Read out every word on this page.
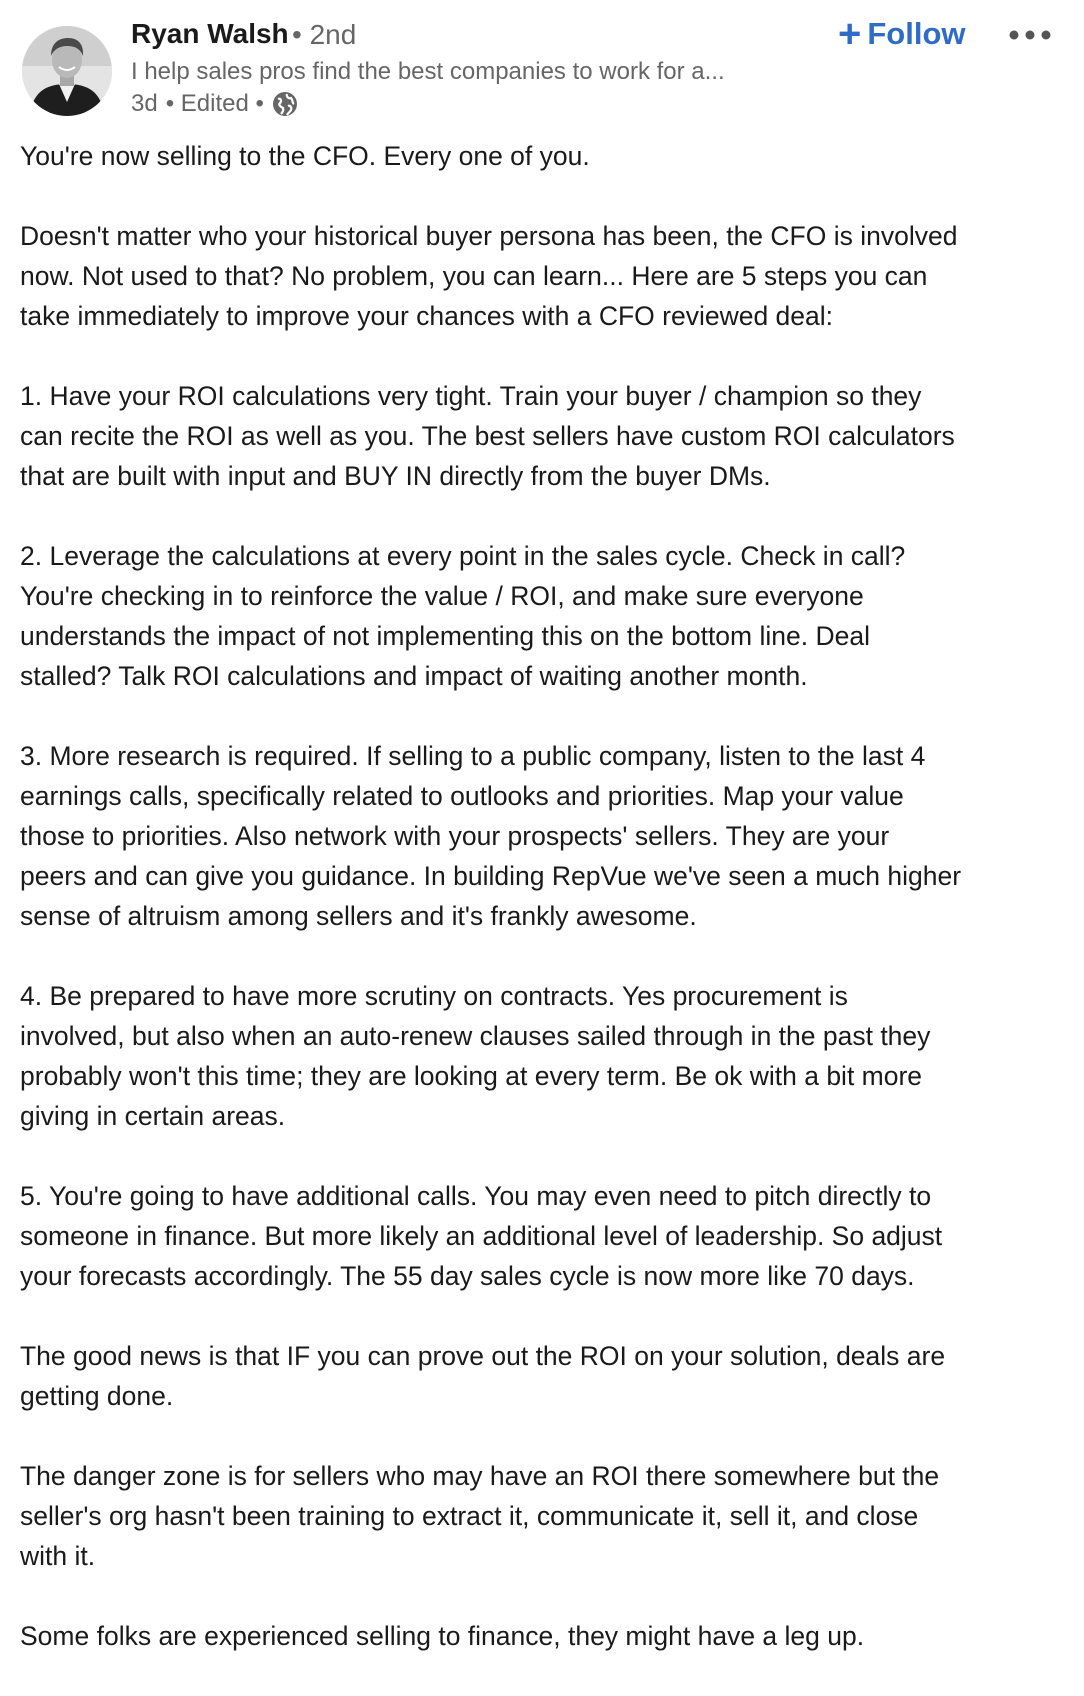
Ryan Walsh • 2nd
I help sales pros find the best companies to work for a...
3d • Edited •
+ Follow

You're now selling to the CFO. Every one of you.

Doesn't matter who your historical buyer persona has been, the CFO is involved
now. Not used to that? No problem, you can learn... Here are 5 steps you can
take immediately to improve your chances with a CFO reviewed deal:

1. Have your ROI calculations very tight. Train your buyer / champion so they
can recite the ROI as well as you. The best sellers have custom ROI calculators
that are built with input and BUY IN directly from the buyer DMs.

2. Leverage the calculations at every point in the sales cycle. Check in call?
You're checking in to reinforce the value / ROI, and make sure everyone
understands the impact of not implementing this on the bottom line. Deal
stalled? Talk ROI calculations and impact of waiting another month.

3. More research is required. If selling to a public company, listen to the last 4
earnings calls, specifically related to outlooks and priorities. Map your value
those to priorities. Also network with your prospects' sellers. They are your
peers and can give you guidance. In building RepVue we've seen a much higher
sense of altruism among sellers and it's frankly awesome.

4. Be prepared to have more scrutiny on contracts. Yes procurement is
involved, but also when an auto-renew clauses sailed through in the past they
probably won't this time; they are looking at every term. Be ok with a bit more
giving in certain areas.

5. You're going to have additional calls. You may even need to pitch directly to
someone in finance. But more likely an additional level of leadership. So adjust
your forecasts accordingly. The 55 day sales cycle is now more like 70 days.

The good news is that IF you can prove out the ROI on your solution, deals are
getting done.

The danger zone is for sellers who may have an ROI there somewhere but the
seller's org hasn't been training to extract it, communicate it, sell it, and close
with it.

Some folks are experienced selling to finance, they might have a leg up.
